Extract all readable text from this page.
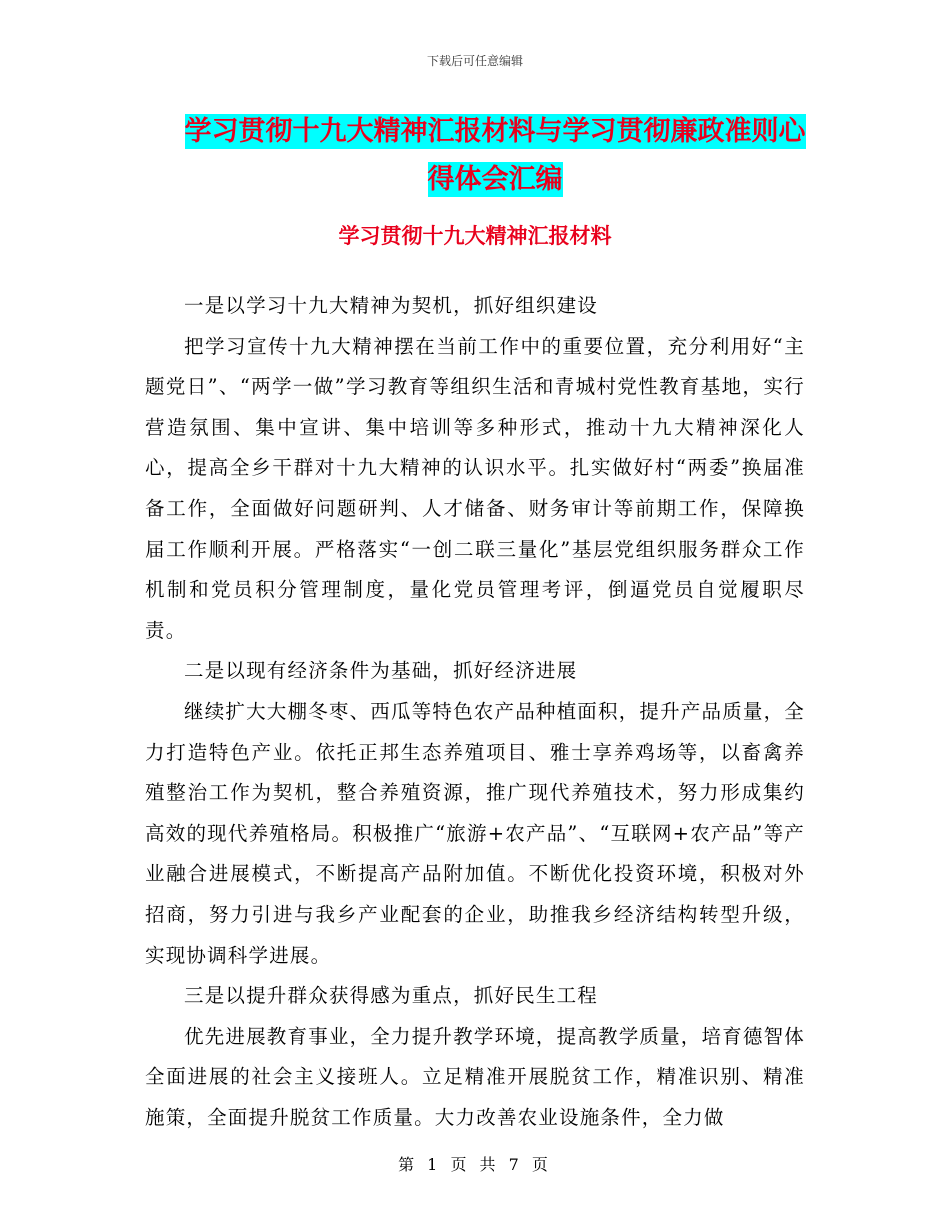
下载后可任意编辑
学习贯彻十九大精神汇报材料与学习贯彻廉政准则心
得体会汇编
学习贯彻十九大精神汇报材料

一是以学习十九大精神为契机，抓好组织建设

把学习宣传十九大精神摆在当前工作中的重要位置，充分利用好“主题党日”、“两学一做”学习教育等组织生活和青城村党性教育基地，实行营造氛围、集中宣讲、集中培训等多种形式，推动十九大精神深化人心，提高全乡干群对十九大精神的认识水平。扎实做好村“两委”换届准备工作，全面做好问题研判、人才储备、财务审计等前期工作，保障换届工作顺利开展。严格落实“一创二联三量化”基层党组织服务群众工作机制和党员积分管理制度，量化党员管理考评，倒逼党员自觉履职尽责。

二是以现有经济条件为基础，抓好经济进展

继续扩大大棚冬枣、西瓜等特色农产品种植面积，提升产品质量，全力打造特色产业。依托正邦生态养殖项目、雅士享养鸡场等，以畜禽养殖整治工作为契机，整合养殖资源，推广现代养殖技术，努力形成集约高效的现代养殖格局。积极推广“旅游+农产品”、“互联网+农产品”等产业融合进展模式，不断提高产品附加值。不断优化投资环境，积极对外招商，努力引进与我乡产业配套的企业，助推我乡经济结构转型升级，实现协调科学进展。

三是以提升群众获得感为重点，抓好民生工程

优先进展教育事业，全力提升教学环境，提高教学质量，培育德智体全面进展的社会主义接班人。立足精准开展脱贫工作，精准识别、精准施策，全面提升脱贫工作质量。大力改善农业设施条件，全力做

第 1 页 共 7 页
